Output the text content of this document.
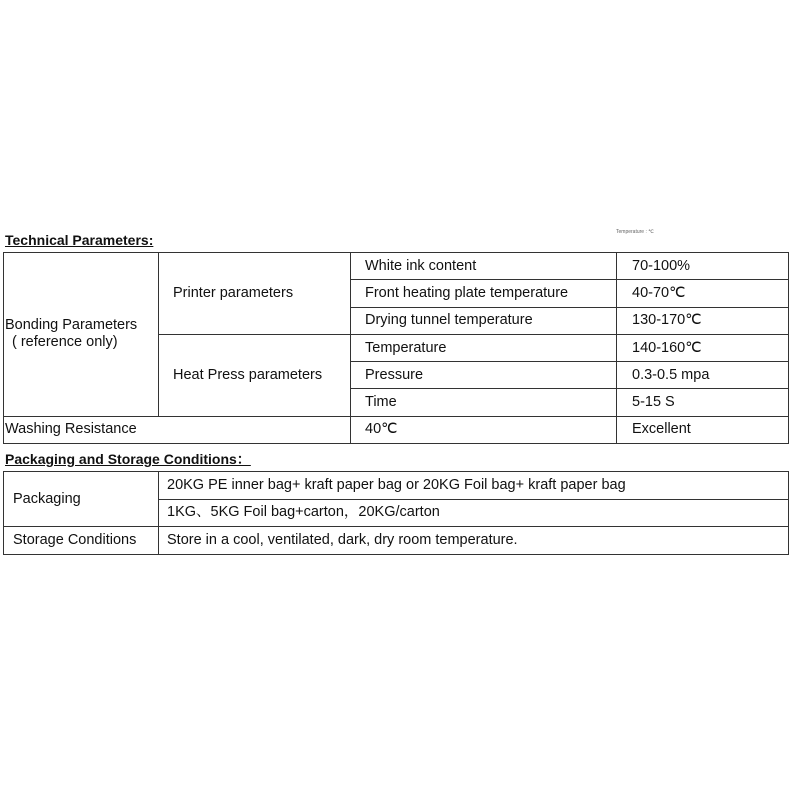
Temperature : ℃
Technical Parameters:
Bonding Parameters
( reference only)	Printer parameters	White ink content	70-100%
		Front heating plate temperature	40-70℃
		Drying tunnel temperature	130-170℃
	Heat Press parameters	Temperature	140-160℃
		Pressure	0.3-0.5 mpa
		Time	5-15 S
Washing Resistance		40℃	Excellent
Packaging and Storage Conditions：
Packaging	20KG PE inner bag+ kraft paper bag or 20KG Foil bag+ kraft paper bag
	1KG、5KG Foil bag+carton，20KG/carton
Storage Conditions	Store in a cool, ventilated, dark, dry room temperature.
